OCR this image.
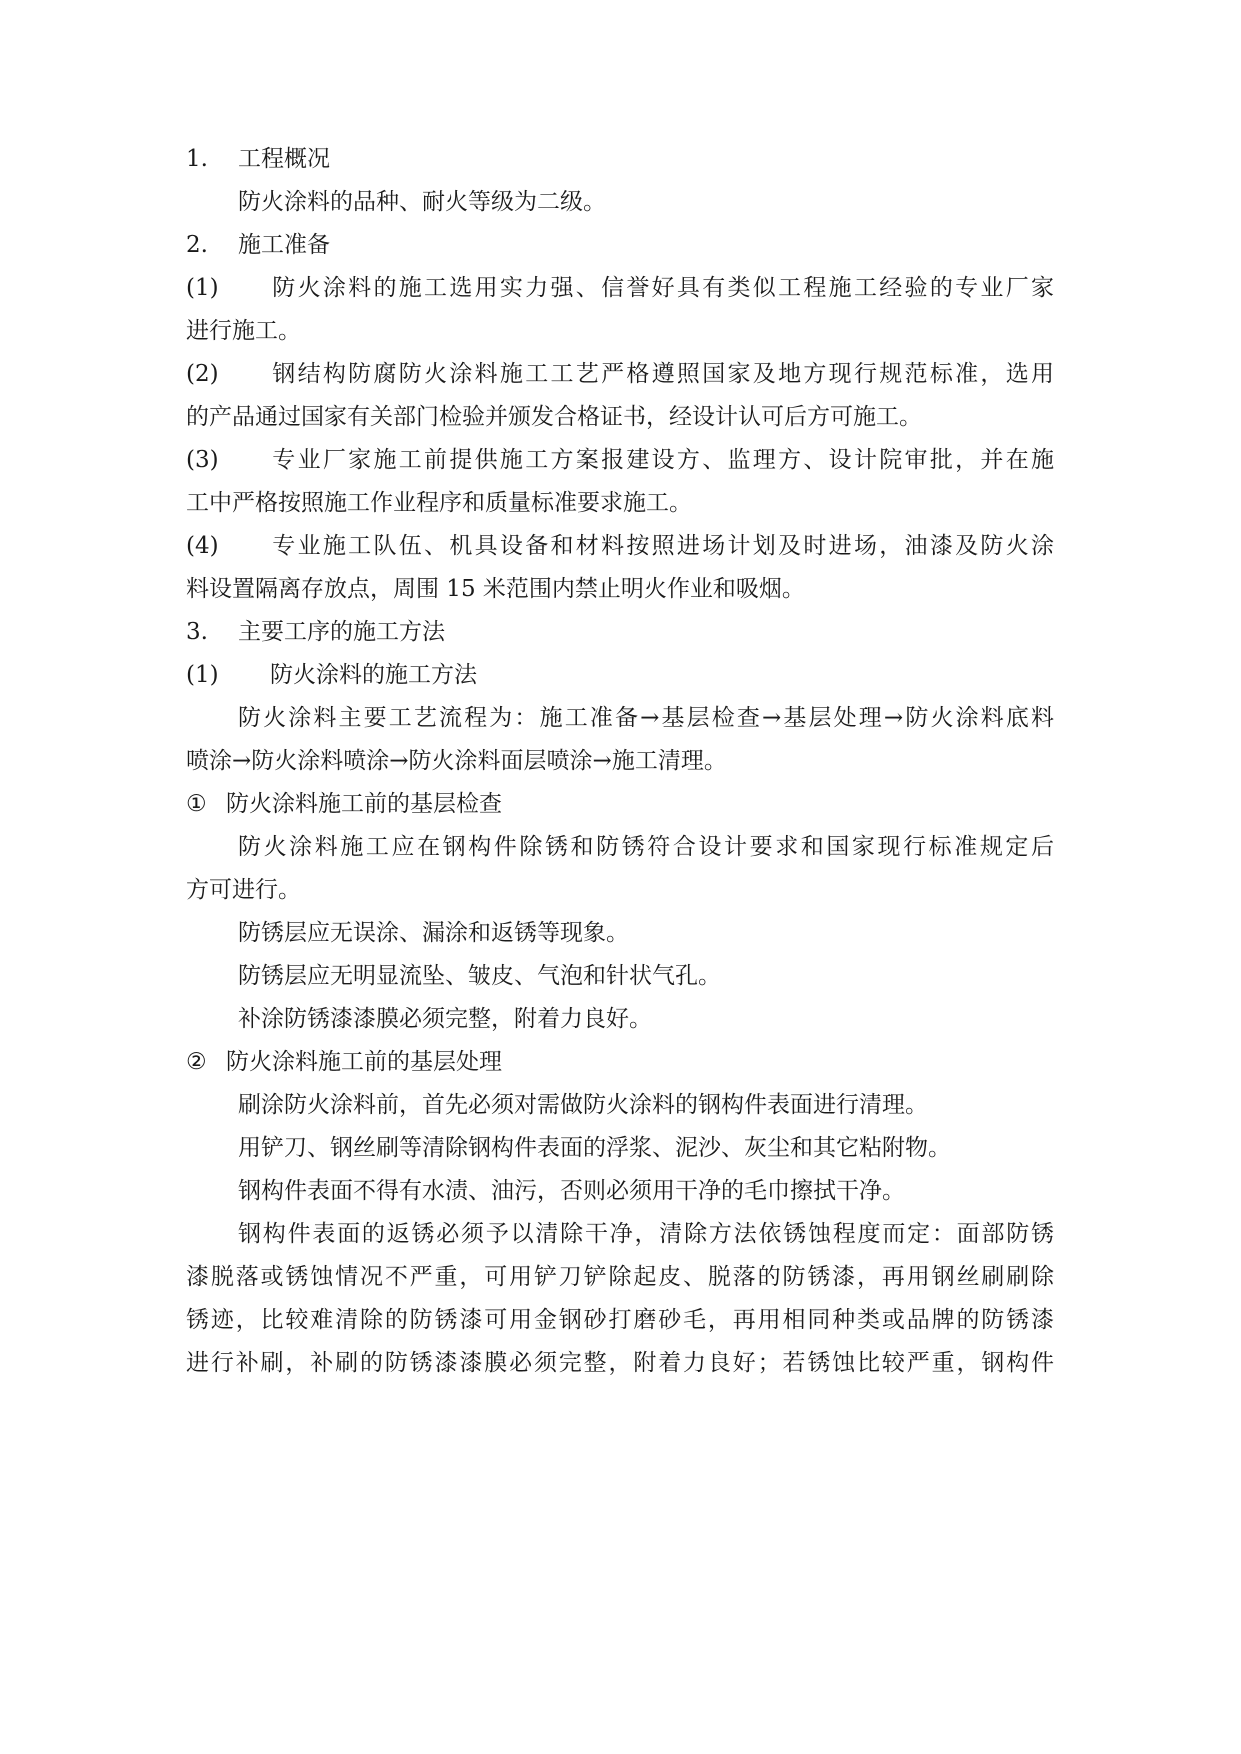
1. 工程概况
防火涂料的品种、耐火等级为二级。
2. 施工准备
(1) 防火涂料的施工选用实力强、信誉好具有类似工程施工经验的专业厂家
进行施工。
(2) 钢结构防腐防火涂料施工工艺严格遵照国家及地方现行规范标准，选用
的产品通过国家有关部门检验并颁发合格证书，经设计认可后方可施工。
(3) 专业厂家施工前提供施工方案报建设方、监理方、设计院审批，并在施
工中严格按照施工作业程序和质量标准要求施工。
(4) 专业施工队伍、机具设备和材料按照进场计划及时进场，油漆及防火涂
料设置隔离存放点，周围 15 米范围内禁止明火作业和吸烟。
3. 主要工序的施工方法
(1) 防火涂料的施工方法
防火涂料主要工艺流程为：施工准备→基层检查→基层处理→防火涂料底料
喷涂→防火涂料喷涂→防火涂料面层喷涂→施工清理。
① 防火涂料施工前的基层检查
防火涂料施工应在钢构件除锈和防锈符合设计要求和国家现行标准规定后
方可进行。
防锈层应无误涂、漏涂和返锈等现象。
防锈层应无明显流坠、皱皮、气泡和针状气孔。
补涂防锈漆漆膜必须完整，附着力良好。
② 防火涂料施工前的基层处理
刷涂防火涂料前，首先必须对需做防火涂料的钢构件表面进行清理。
用铲刀、钢丝刷等清除钢构件表面的浮浆、泥沙、灰尘和其它粘附物。
钢构件表面不得有水渍、油污，否则必须用干净的毛巾擦拭干净。
钢构件表面的返锈必须予以清除干净，清除方法依锈蚀程度而定：面部防锈
漆脱落或锈蚀情况不严重，可用铲刀铲除起皮、脱落的防锈漆，再用钢丝刷刷除
锈迹，比较难清除的防锈漆可用金钢砂打磨砂毛，再用相同种类或品牌的防锈漆
进行补刷，补刷的防锈漆漆膜必须完整，附着力良好；若锈蚀比较严重，钢构件
